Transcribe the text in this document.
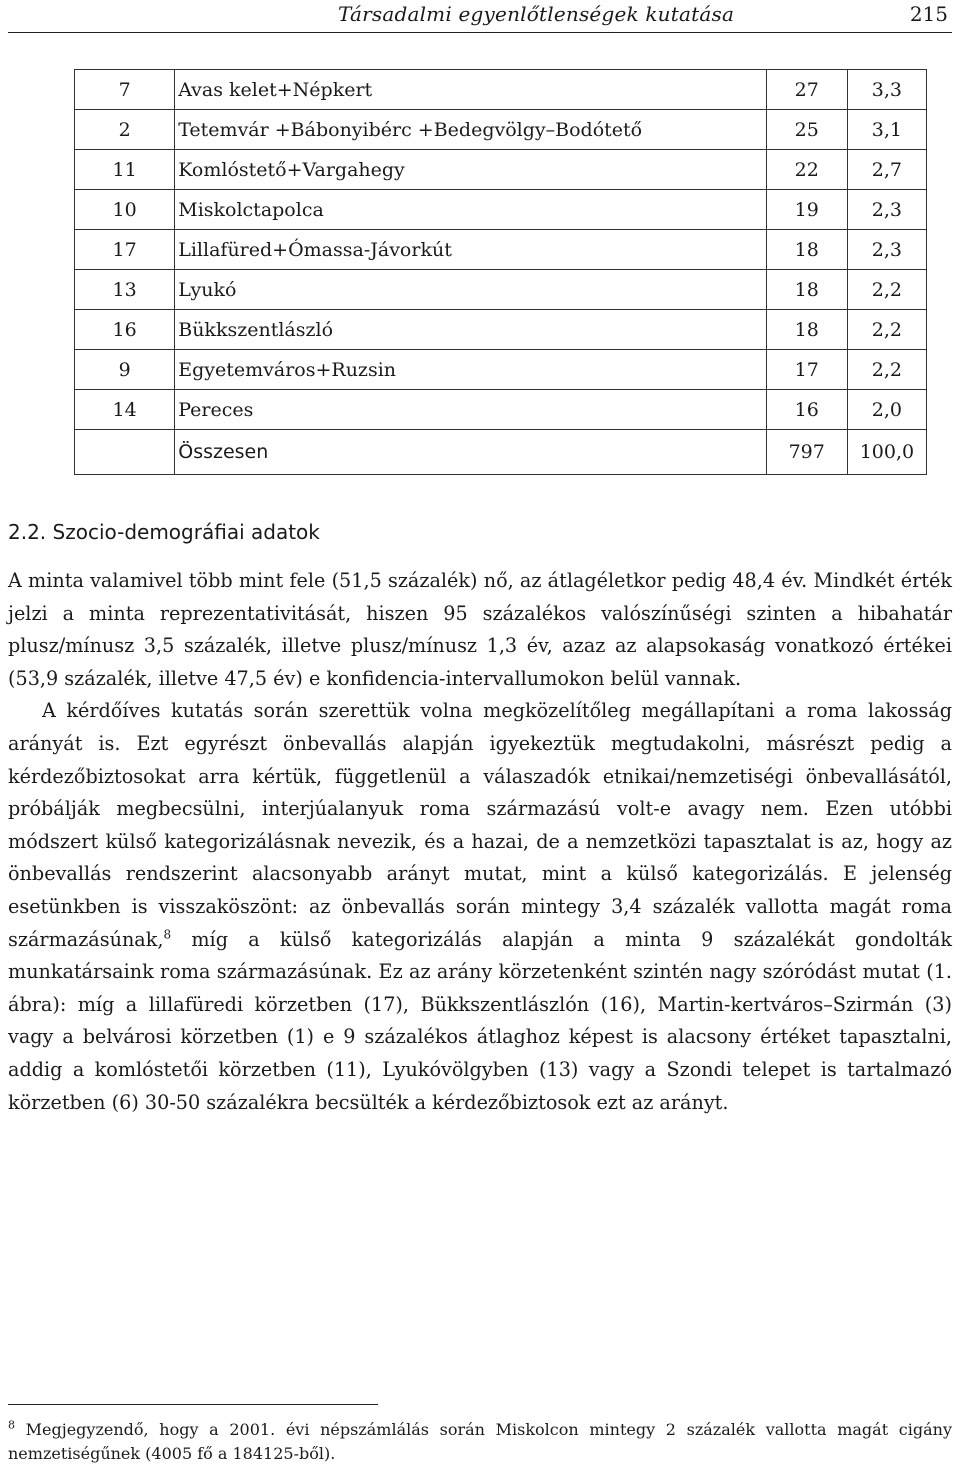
Társadalmi egyenlőtlenségek kutatása	215
7	Avas kelet+Népkert	27	3,3
2	Tetemvár +Bábonyibérc +Bedegvölgy–Bodótető	25	3,1
11	Komlóstető+Vargahegy	22	2,7
10	Miskolctapolca	19	2,3
17	Lillafüred+Ómassa-Jávorkút	18	2,3
13	Lyukó	18	2,2
16	Bükkszentlászló	18	2,2
9	Egyetemváros+Ruzsin	17	2,2
14	Pereces	16	2,0
	Összesen	797	100,0
2.2. Szocio-demográfiai adatok

A minta valamivel több mint fele (51,5 százalék) nő, az átlagéletkor pedig 48,4 év. Mindkét érték jelzi a minta reprezentativitását, hiszen 95 százalékos valószínűségi szinten a hibahatár plusz/mínusz 3,5 százalék, illetve plusz/mínusz 1,3 év, azaz az alapsokaság vonatkozó értékei (53,9 százalék, illetve 47,5 év) e konfidencia-intervallumokon belül vannak.

A kérdőíves kutatás során szerettük volna megközelítőleg megállapítani a roma lakosság arányát is. Ezt egyrészt önbevallás alapján igyekeztük megtudakolni, másrészt pedig a kérdezőbiztosokat arra kértük, függetlenül a válaszadók etnikai/nemzetiségi önbevallásától, próbálják megbecsülni, interjúalanyuk roma származású volt-e avagy nem. Ezen utóbbi módszert külső kategorizálásnak nevezik, és a hazai, de a nemzetközi tapasztalat is az, hogy az önbevallás rendszerint alacsonyabb arányt mutat, mint a külső kategorizálás. E jelenség esetünkben is visszaköszönt: az önbevallás során mintegy 3,4 százalék vallotta magát roma származásúnak,$^8$ míg a külső kategorizálás alapján a minta 9 százalékát gondolták munkatársaink roma származásúnak. Ez az arány körzetenként szintén nagy szóródást mutat (1. ábra): míg a lillafüredi körzetben (17), Bükkszentlászlón (16), Martin-kertváros–Szirmán (3) vagy a belvárosi körzetben (1) e 9 százalékos átlaghoz képest is alacsony értéket tapasztalni, addig a komlóstetői körzetben (11), Lyukóvölgyben (13) vagy a Szondi telepet is tartalmazó körzetben (6) 30-50 százalékra becsülték a kérdezőbiztosok ezt az arányt.

$^8$ Megjegyzendő, hogy a 2001. évi népszámlálás során Miskolcon mintegy 2 százalék vallotta magát cigány nemzetiségűnek (4005 fő a 184125-ből).
